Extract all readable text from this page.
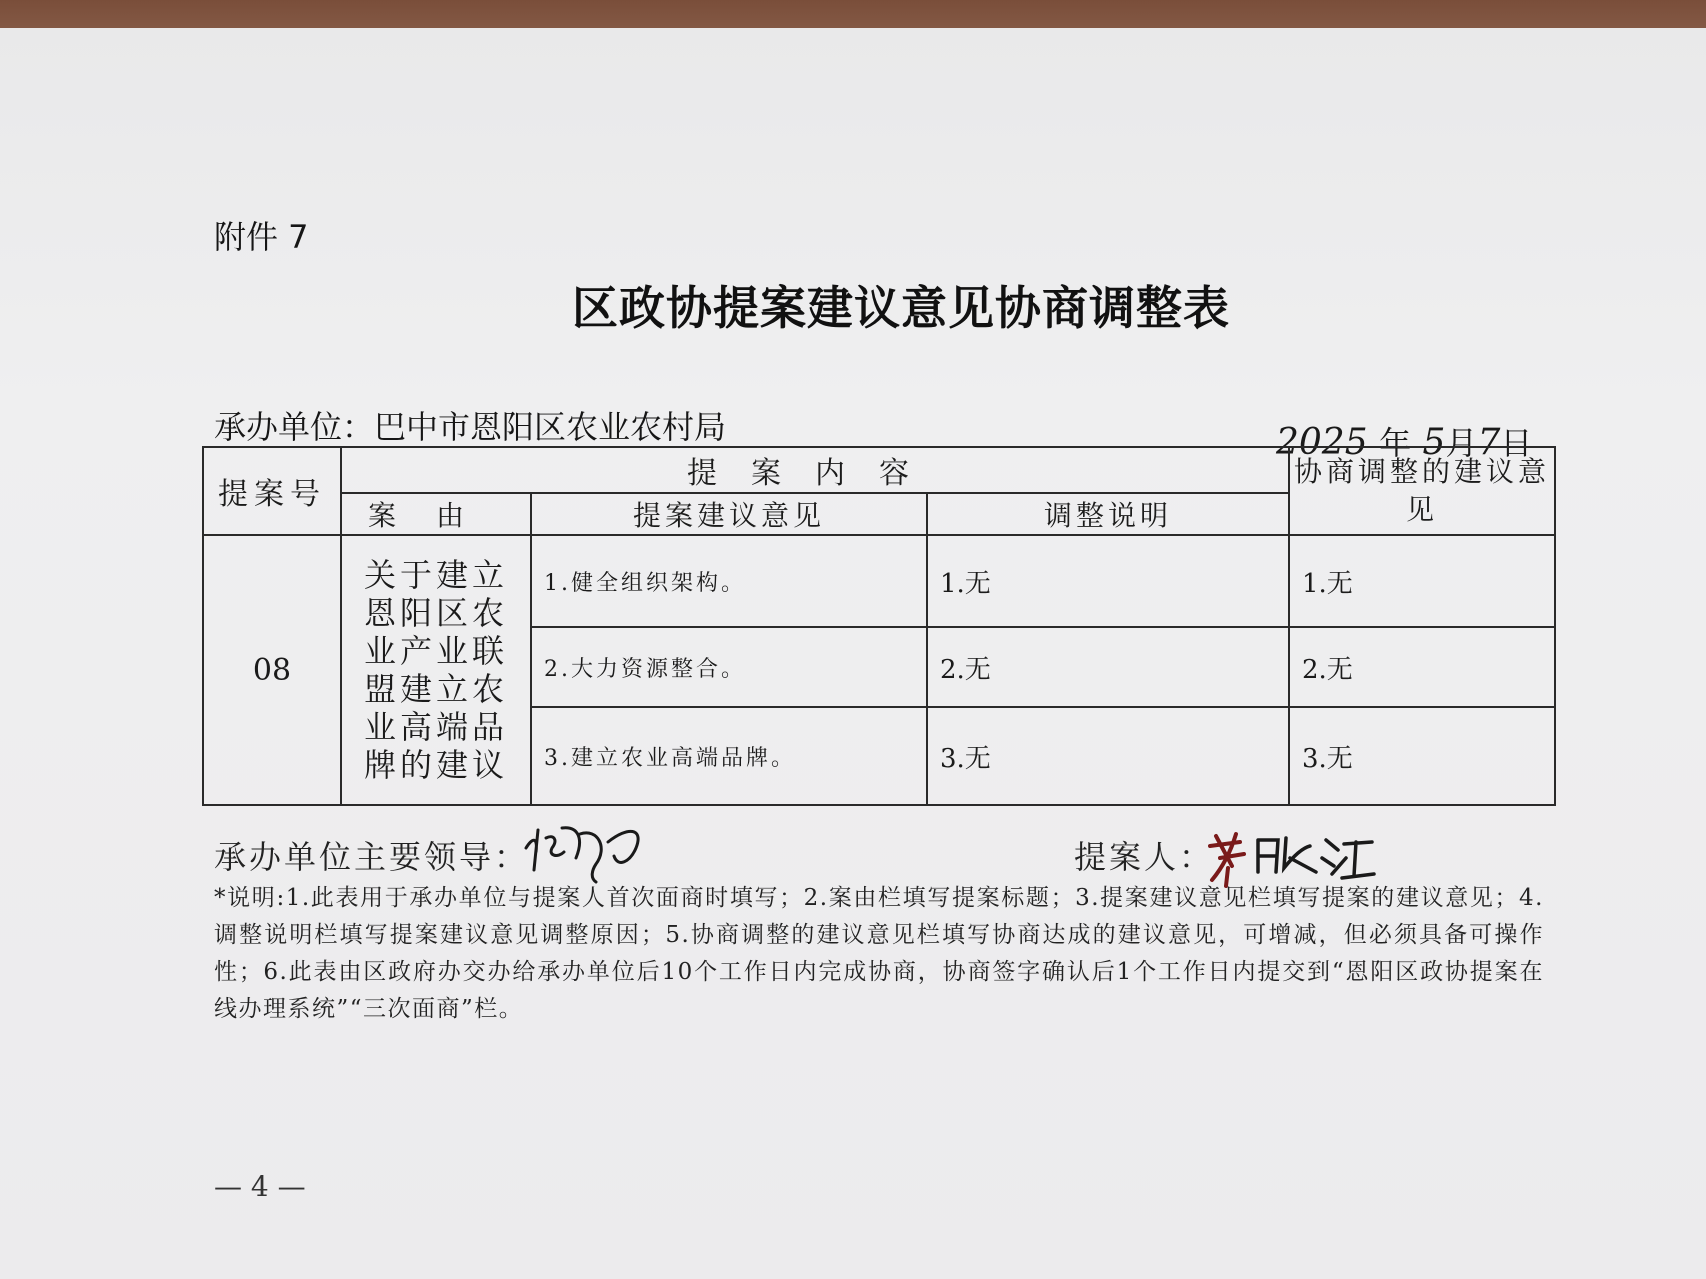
附件 7
区政协提案建议意见协商调整表
承办单位：巴中市恩阳区农业农村局	2025 年 5月7日
提案号	提案内容			协商调整的建议意见
	案由	提案建议意见	调整说明	
08	关于建立恩阳区农业产业联盟建立农业高端品牌的建议	1.健全组织架构。	1.无	1.无
		2.大力资源整合。	2.无	2.无
		3.建立农业高端品牌。	3.无	3.无
承办单位主要领导：	提案人：
*说明:1.此表用于承办单位与提案人首次面商时填写；2.案由栏填写提案标题；3.提案建议意见栏填写提案的建议意见；4.调整说明栏填写提案建议意见调整原因；5.协商调整的建议意见栏填写协商达成的建议意见，可增减，但必须具备可操作性；6.此表由区政府办交办给承办单位后10个工作日内完成协商，协商签字确认后1个工作日内提交到“恩阳区政协提案在线办理系统”“三次面商”栏。
— 4 —
